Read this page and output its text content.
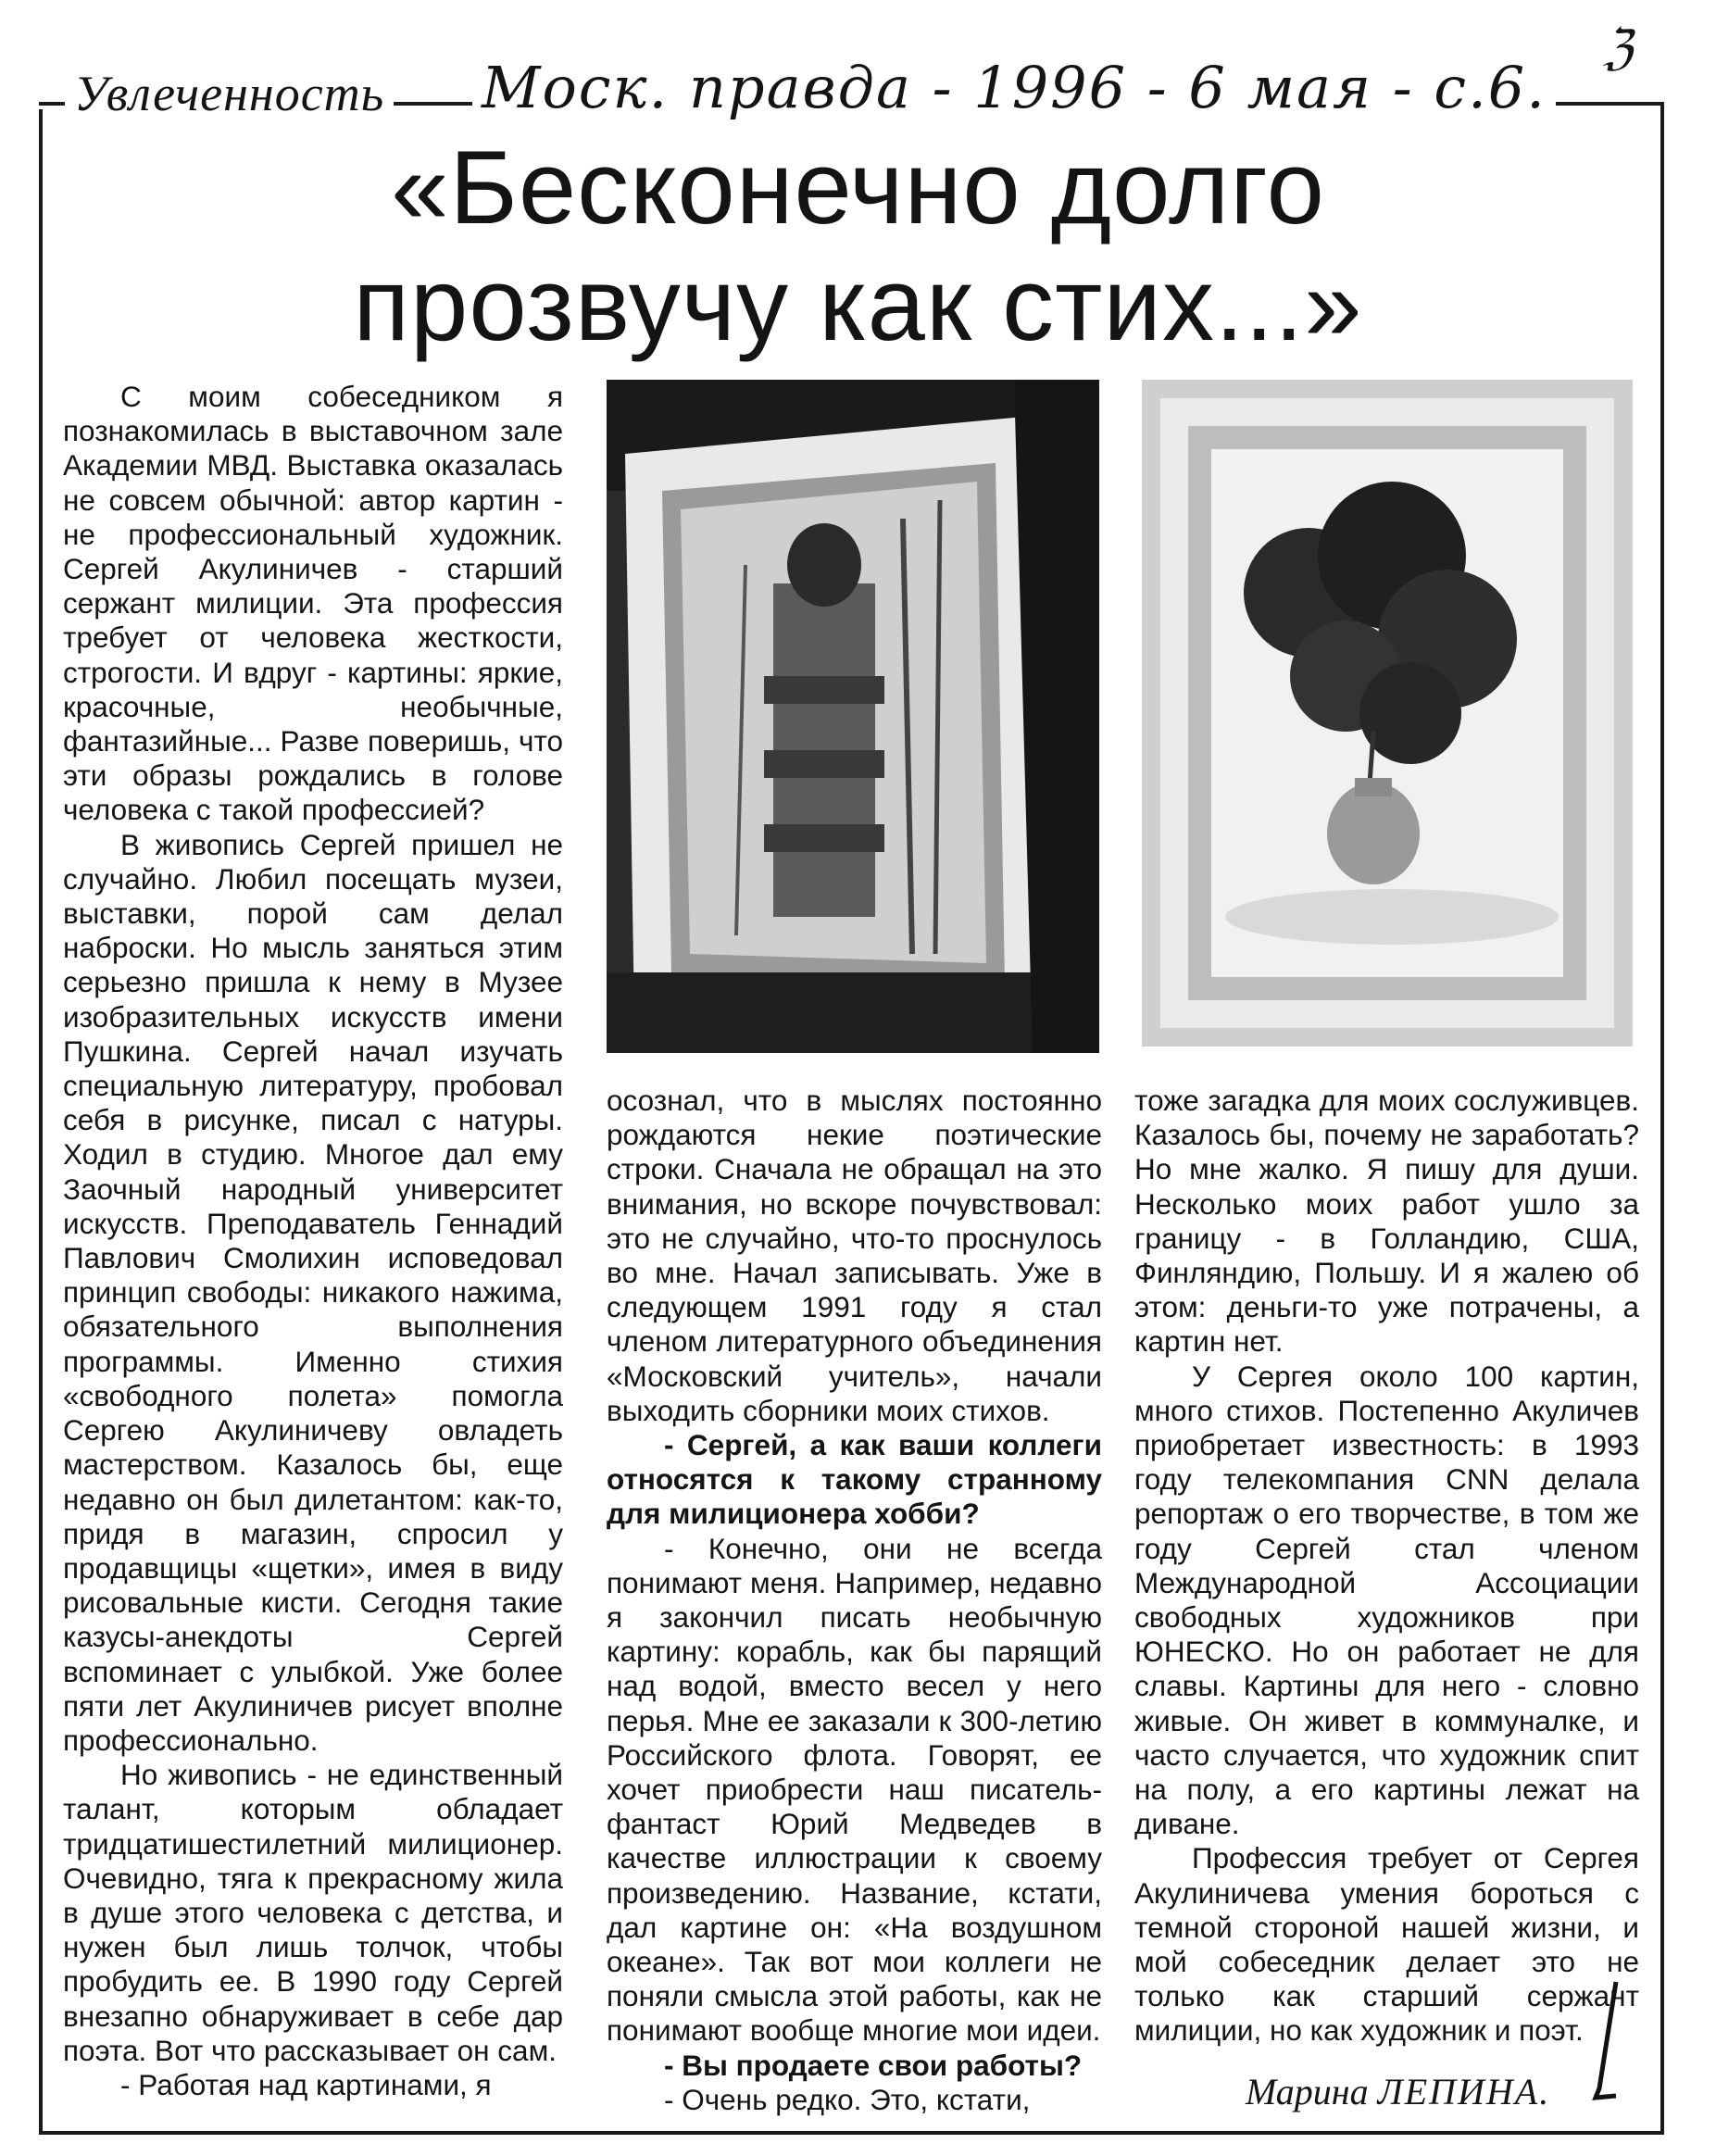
Увлеченность Моск. правда - 1996 - 6 мая - с.6.
ℨ
«Бесконечно долго
прозвучу как стих...»

С моим собеседником я познакомилась в выставочном зале Академии МВД. Выставка оказалась не совсем обычной: автор картин - не профессиональный художник. Сергей Акулиничев - старший сержант милиции. Эта профессия требует от человека жесткости, строгости. И вдруг - картины: яркие, красочные, необычные, фантазийные... Разве поверишь, что эти образы рождались в голове человека с такой профессией?

В живопись Сергей пришел не случайно. Любил посещать музеи, выставки, порой сам делал наброски. Но мысль заняться этим серьезно пришла к нему в Музее изобразительных искусств имени Пушкина. Сергей начал изучать специальную литературу, пробовал себя в рисунке, писал с натуры. Ходил в студию. Многое дал ему Заочный народный университет искусств. Преподаватель Геннадий Павлович Смолихин исповедовал принцип свободы: никакого нажима, обязательного выполнения программы. Именно стихия «свободного полета» помогла Сергею Акулиничеву овладеть мастерством. Казалось бы, еще недавно он был дилетантом: как-то, придя в магазин, спросил у продавщицы «щетки», имея в виду рисовальные кисти. Сегодня такие казусы-анекдоты Сергей вспоминает с улыбкой. Уже более пяти лет Акулиничев рисует вполне профессионально.

Но живопись - не единственный талант, которым обладает тридцатишестилетний милиционер. Очевидно, тяга к прекрасному жила в душе этого человека с детства, и нужен был лишь толчок, чтобы пробудить ее. В 1990 году Сергей внезапно обнаруживает в себе дар поэта. Вот что рассказывает он сам.

- Работая над картинами, я

осознал, что в мыслях постоянно рождаются некие поэтические строки. Сначала не обращал на это внимания, но вскоре почувствовал: это не случайно, что-то проснулось во мне. Начал записывать. Уже в следующем 1991 году я стал членом литературного объединения «Московский учитель», начали выходить сборники моих стихов.

- Сергей, а как ваши коллеги относятся к такому странному для милиционера хобби?

- Конечно, они не всегда понимают меня. Например, недавно я закончил писать необычную картину: корабль, как бы парящий над водой, вместо весел у него перья. Мне ее заказали к 300-летию Российского флота. Говорят, ее хочет приобрести наш писатель-фантаст Юрий Медведев в качестве иллюстрации к своему произведению. Название, кстати, дал картине он: «На воздушном океане». Так вот мои коллеги не поняли смысла этой работы, как не понимают вообще многие мои идеи.

- Вы продаете свои работы?

- Очень редко. Это, кстати,

тоже загадка для моих сослуживцев. Казалось бы, почему не заработать? Но мне жалко. Я пишу для души. Несколько моих работ ушло за границу - в Голландию, США, Финляндию, Польшу. И я жалею об этом: деньги-то уже потрачены, а картин нет.

У Сергея около 100 картин, много стихов. Постепенно Акуличев приобретает известность: в 1993 году телекомпания CNN делала репортаж о его творчестве, в том же году Сергей стал членом Международной Ассоциации свободных художников при ЮНЕСКО. Но он работает не для славы. Картины для него - словно живые. Он живет в коммуналке, и часто случается, что художник спит на полу, а его картины лежат на диване.

Профессия требует от Сергея Акулиничева умения бороться с темной стороной нашей жизни, и мой собеседник делает это не только как старший сержант милиции, но как художник и поэт.

Марина ЛЕПИНА.
